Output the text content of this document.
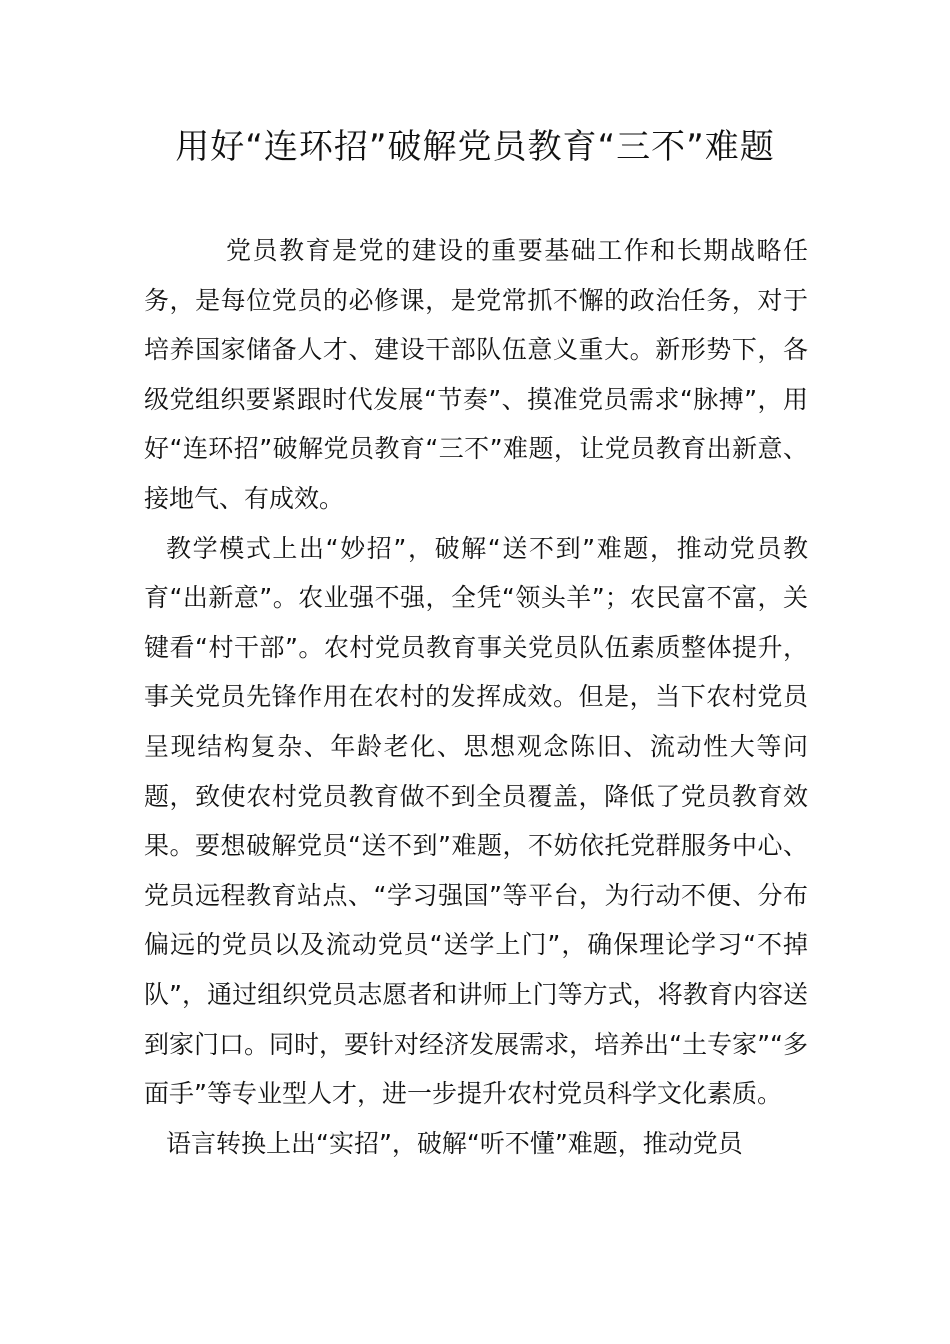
用好“连环招”破解党员教育“三不”难题

党员教育是党的建设的重要基础工作和长期战略任务，是每位党员的必修课，是党常抓不懈的政治任务，对于培养国家储备人才、建设干部队伍意义重大。新形势下，各级党组织要紧跟时代发展“节奏”、摸准党员需求“脉搏”，用好“连环招”破解党员教育“三不”难题，让党员教育出新意、接地气、有成效。

教学模式上出“妙招”，破解“送不到”难题，推动党员教育“出新意”。农业强不强，全凭“领头羊”；农民富不富，关键看“村干部”。农村党员教育事关党员队伍素质整体提升，事关党员先锋作用在农村的发挥成效。但是，当下农村党员呈现结构复杂、年龄老化、思想观念陈旧、流动性大等问题，致使农村党员教育做不到全员覆盖，降低了党员教育效果。要想破解党员“送不到”难题，不妨依托党群服务中心、党员远程教育站点、“学习强国”等平台，为行动不便、分布偏远的党员以及流动党员“送学上门”，确保理论学习“不掉队”，通过组织党员志愿者和讲师上门等方式，将教育内容送到家门口。同时，要针对经济发展需求，培养出“土专家”“多面手”等专业型人才，进一步提升农村党员科学文化素质。

语言转换上出“实招”，破解“听不懂”难题，推动党员
